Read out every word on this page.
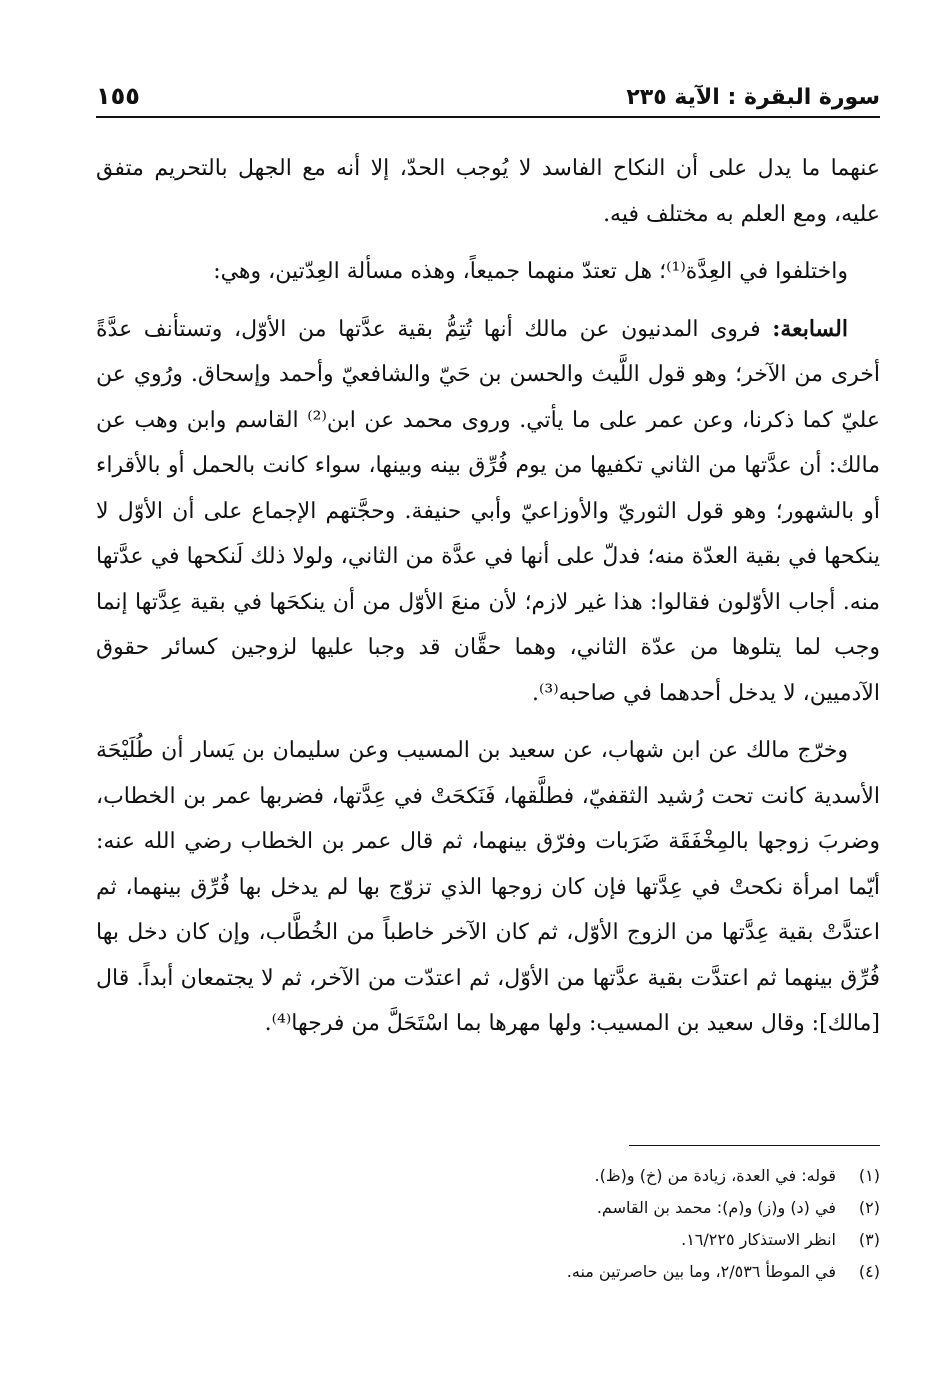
سورة البقرة : الآية ٢٣٥
١٥٥

عنهما ما يدل على أن النكاح الفاسد لا يُوجب الحدّ، إلا أنه مع الجهل بالتحريم متفق عليه، ومع العلم به مختلف فيه.

واختلفوا في العِدَّة⁽¹⁾؛ هل تعتدّ منهما جميعاً، وهذه مسألة العِدّتين، وهي:

السابعة: فروى المدنيون عن مالك أنها تُتِمُّ بقية عدَّتها من الأوّل، وتستأنف عدَّةً أخرى من الآخر؛ وهو قول اللَّيث والحسن بن حَيّ والشافعيّ وأحمد وإسحاق. ورُوي عن عليّ كما ذكرنا، وعن عمر على ما يأتي. وروى محمد عن ابن⁽²⁾ القاسم وابن وهب عن مالك: أن عدَّتها من الثاني تكفيها من يوم فُرِّق بينه وبينها، سواء كانت بالحمل أو بالأقراء أو بالشهور؛ وهو قول الثوريّ والأوزاعيّ وأبي حنيفة. وحجَّتهم الإجماع على أن الأوّل لا ينكحها في بقية العدّة منه؛ فدلّ على أنها في عدَّة من الثاني، ولولا ذلك لَنكحها في عدَّتها منه. أجاب الأوّلون فقالوا: هذا غير لازم؛ لأن منعَ الأوّل من أن ينكحَها في بقية عِدَّتها إنما وجب لما يتلوها من عدّة الثاني، وهما حقَّان قد وجبا عليها لزوجين كسائر حقوق الآدميين، لا يدخل أحدهما في صاحبه⁽³⁾.

وخرّج مالك عن ابن شهاب، عن سعيد بن المسيب وعن سليمان بن يَسار أن طُلَيْحَة الأسدية كانت تحت رُشيد الثقفيّ، فطلَّقها، فَنَكحَتْ في عِدَّتها، فضربها عمر بن الخطاب، وضربَ زوجها بالمِخْفَقَة ضَرَبات وفرّق بينهما، ثم قال عمر بن الخطاب رضي الله عنه: أيّما امرأة نكحتْ في عِدَّتها فإن كان زوجها الذي تزوّج بها لم يدخل بها فُرِّق بينهما، ثم اعتدَّتْ بقية عِدَّتها من الزوج الأوّل، ثم كان الآخر خاطباً من الخُطَّاب، وإن كان دخل بها فُرِّق بينهما ثم اعتدَّت بقية عدَّتها من الأوّل، ثم اعتدّت من الآخر، ثم لا يجتمعان أبداً. قال [مالك]: وقال سعيد بن المسيب: ولها مهرها بما اسْتَحَلَّ من فرجها⁽⁴⁾.

(١)
قوله: في العدة، زيادة من (خ) و(ظ).
(٢)
في (د) و(ز) و(م): محمد بن القاسم.
(٣)
انظر الاستذكار ١٦/٢٢٥.
(٤)
في الموطأ ٢/٥٣٦، وما بين حاصرتين منه.
